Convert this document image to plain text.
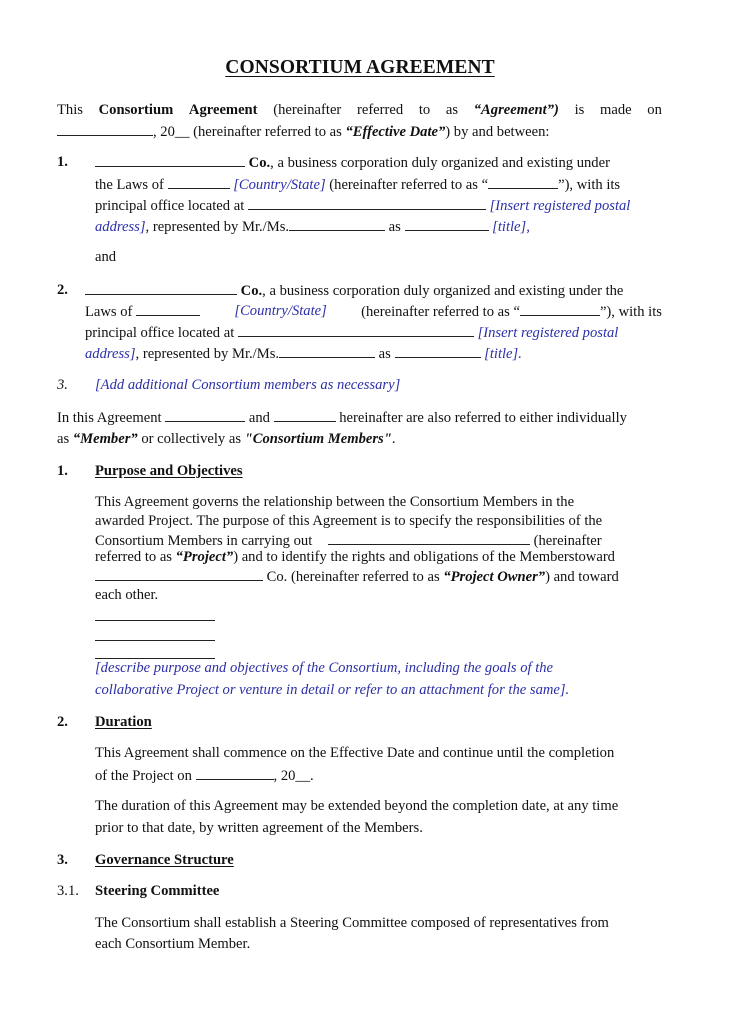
CONSORTIUM AGREEMENT
This Consortium Agreement (hereinafter referred to as “Agreement”) is made on
, 20__ (hereinafter referred to as “Effective Date”) by and between:
1.	Co., a business corporation duly organized and existing under
the Laws of	[Country/State] (hereinafter referred to as “	”), with its
principal office located at	[Insert registered postal
address], represented by Mr./Ms.	as	[title],
and
2.	Co., a business corporation duly organized and existing under the
Laws of	[Country/State] (hereinafter referred to as “	”), with its
principal office located at	[Insert registered postal
address], represented by Mr./Ms.	as	[title].
3. [Add additional Consortium members as necessary]
In this Agreement	and	hereinafter are also referred to either individually
as “Member” or collectively as "Consortium Members".
1. Purpose and Objectives
This Agreement governs the relationship between the Consortium Members in the
awarded Project. The purpose of this Agreement is to specify the responsibilities of the
Consortium Members in carrying out	(hereinafter
referred to as “Project”) and to identify the rights and obligations of the Memberstoward
Co. (hereinafter referred to as “Project Owner”) and toward
each other.
[describe purpose and objectives of the Consortium, including the goals of the
collaborative Project or venture in detail or refer to an attachment for the same].
2. Duration
This Agreement shall commence on the Effective Date and continue until the completion
of the Project on	, 20__.
The duration of this Agreement may be extended beyond the completion date, at any time
prior to that date, by written agreement of the Members.
3. Governance Structure
3.1. Steering Committee
The Consortium shall establish a Steering Committee composed of representatives from
each Consortium Member.
